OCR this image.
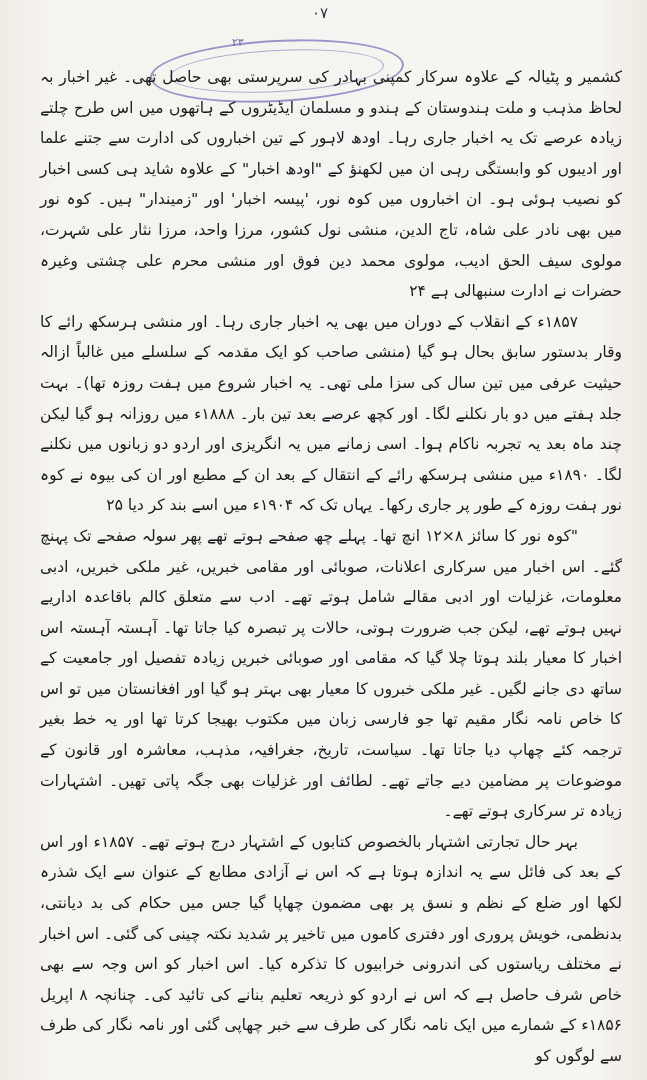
۰۷
۲۳

کشمیر و پٹیالہ کے علاوہ سرکار کمپنی بہادر کی سرپرستی بھی حاصل تھی۔ غیر اخبار بہ لحاظ مذہب و ملت ہندوستان کے ہندو و مسلمان ایڈیٹروں کے ہاتھوں میں اس طرح چلتے زیادہ عرصے تک یہ اخبار جاری رہا۔ اودھ لاہور کے تین اخباروں کی ادارت سے جتنے علما اور ادیبوں کو وابستگی رہی ان میں لکھنؤ کے "اودھ اخبار" کے علاوہ شاید ہی کسی اخبار کو نصیب ہوئی ہو۔ ان اخباروں میں کوہ نور، 'پیسہ اخبار' اور "زمیندار" ہیں۔ کوہ نور میں بھی نادر علی شاہ، تاج الدین، منشی نول کشور، مرزا واحد، مرزا نثار علی شہرت، مولوی سیف الحق ادیب، مولوی محمد دین فوق اور منشی محرم علی چشتی وغیرہ حضرات نے ادارت سنبھالی ہے ۲۴

۱۸۵۷ء کے انقلاب کے دوران میں بھی یہ اخبار جاری رہا۔ اور منشی ہرسکھ رائے کا وقار بدستور سابق بحال ہو گیا (منشی صاحب کو ایک مقدمہ کے سلسلے میں غالباً ازالہ حیثیت عرفی میں تین سال کی سزا ملی تھی۔ یہ اخبار شروع میں ہفت روزہ تھا)۔ بہت جلد ہفتے میں دو بار نکلنے لگا۔ اور کچھ عرصے بعد تین بار۔ ۱۸۸۸ء میں روزانہ ہو گیا لیکن چند ماہ بعد یہ تجربہ ناکام ہوا۔ اسی زمانے میں یہ انگریزی اور اردو دو زبانوں میں نکلنے لگا۔ ۱۸۹۰ء میں منشی ہرسکھ رائے کے انتقال کے بعد ان کے مطبع اور ان کی بیوہ نے کوہ نور ہفت روزہ کے طور پر جاری رکھا۔ یہاں تک کہ ۱۹۰۴ء میں اسے بند کر دیا ۲۵

"کوہ نور کا سائز ۸×۱۲ انچ تھا۔ پہلے چھ صفحے ہوتے تھے پھر سولہ صفحے تک پہنچ گئے۔ اس اخبار میں سرکاری اعلانات، صوبائی اور مقامی خبریں، غیر ملکی خبریں، ادبی معلومات، غزلیات اور ادبی مقالے شامل ہوتے تھے۔ ادب سے متعلق کالم باقاعدہ اداریے نہیں ہوتے تھے، لیکن جب ضرورت ہوتی، حالات پر تبصرہ کیا جاتا تھا۔ آہستہ آہستہ اس اخبار کا معیار بلند ہوتا چلا گیا کہ مقامی اور صوبائی خبریں زیادہ تفصیل اور جامعیت کے ساتھ دی جانے لگیں۔ غیر ملکی خبروں کا معیار بھی بہتر ہو گیا اور افغانستان میں تو اس کا خاص نامہ نگار مقیم تھا جو فارسی زبان میں مکتوب بھیجا کرتا تھا اور یہ خط بغیر ترجمہ کئے چھاپ دیا جاتا تھا۔ سیاست، تاریخ، جغرافیہ، مذہب، معاشرہ اور قانون کے موضوعات پر مضامین دیے جاتے تھے۔ لطائف اور غزلیات بھی جگہ پاتی تھیں۔ اشتہارات زیادہ تر سرکاری ہوتے تھے۔

بہر حال تجارتی اشتہار بالخصوص کتابوں کے اشتہار درج ہوتے تھے۔ ۱۸۵۷ء اور اس کے بعد کی فائل سے یہ اندازہ ہوتا ہے کہ اس نے آزادی مطابع کے عنوان سے ایک شذرہ لکھا اور ضلع کے نظم و نسق پر بھی مضمون چھاپا گیا جس میں حکام کی بد دیانتی، بدنظمی، خویش پروری اور دفتری کاموں میں تاخیر پر شدید نکتہ چینی کی گئی۔ اس اخبار نے مختلف ریاستوں کی اندرونی خرابیوں کا تذکرہ کیا۔ اس اخبار کو اس وجہ سے بھی خاص شرف حاصل ہے کہ اس نے اردو کو ذریعہ تعلیم بنانے کی تائید کی۔ چنانچہ ۸ اپریل ۱۸۵۶ء کے شمارے میں ایک نامہ نگار کی طرف سے خبر چھاپی گئی اور نامہ نگار کی طرف سے لوگوں کو
